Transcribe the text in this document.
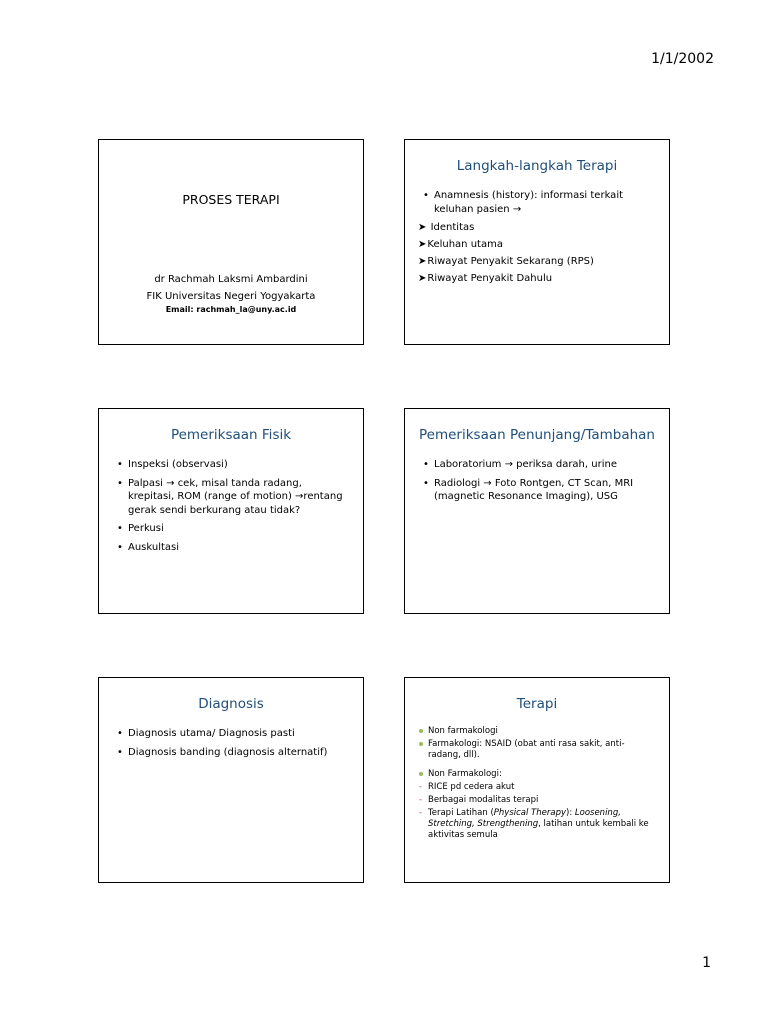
1/1/2002
PROSES TERAPI
dr Rachmah Laksmi Ambardini
FIK Universitas Negeri Yogyakarta
Email: rachmah_la@uny.ac.id
Langkah-langkah Terapi
• Anamnesis (history): informasi terkait keluhan pasien →
➤ Identitas
➤Keluhan utama
➤Riwayat Penyakit Sekarang (RPS)
➤Riwayat Penyakit Dahulu
Pemeriksaan Fisik
• Inspeksi (observasi)
• Palpasi → cek, misal tanda radang, krepitasi, ROM (range of motion) →rentang gerak sendi berkurang atau tidak?
• Perkusi
• Auskultasi
Pemeriksaan Penunjang/Tambahan
• Laboratorium → periksa darah, urine
• Radiologi → Foto Rontgen, CT Scan, MRI (magnetic Resonance Imaging), USG
Diagnosis
• Diagnosis utama/ Diagnosis pasti
• Diagnosis banding (diagnosis alternatif)
Terapi
Non farmakologi
Farmakologi: NSAID (obat anti rasa sakit, anti-radang, dll).
Non Farmakologi:
- RICE pd cedera akut
- Berbagai modalitas terapi
- Terapi Latihan (Physical Therapy): Loosening, Stretching, Strengthening, latihan untuk kembali ke aktivitas semula
1
